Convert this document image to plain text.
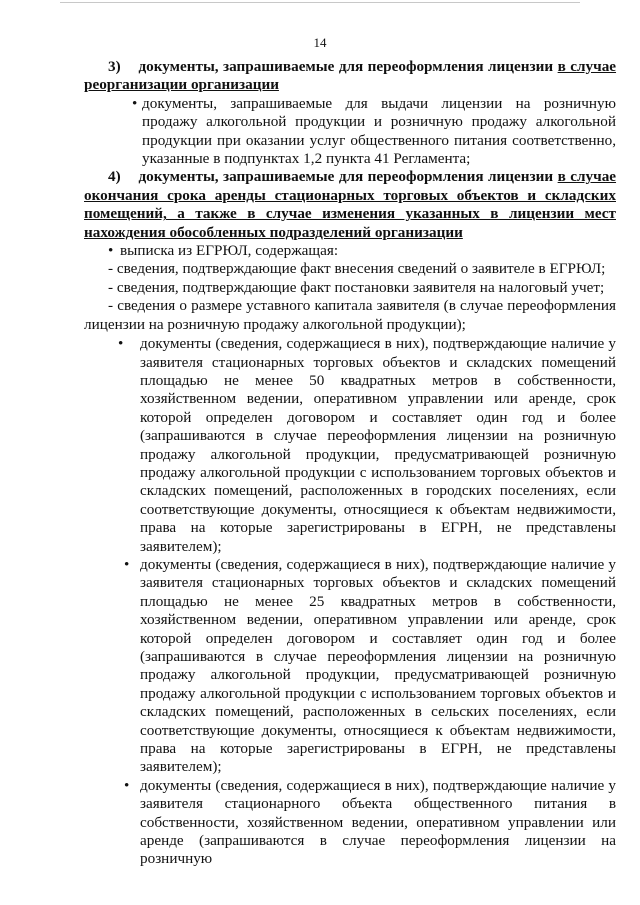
14

3) документы, запрашиваемые для переоформления лицензии в случае реорганизации организации

• документы, запрашиваемые для выдачи лицензии на розничную продажу алкогольной продукции и розничную продажу алкогольной продукции при оказании услуг общественного питания соответственно, указанные в подпунктах 1,2 пункта 41 Регламента;

4) документы, запрашиваемые для переоформления лицензии в случае окончания срока аренды стационарных торговых объектов и складских помещений, а также в случае изменения указанных в лицензии мест нахождения обособленных подразделений организации

• выписка из ЕГРЮЛ, содержащая:

- сведения, подтверждающие факт внесения сведений о заявителе в ЕГРЮЛ;

- сведения, подтверждающие факт постановки заявителя на налоговый учет;

- сведения о размере уставного капитала заявителя (в случае переоформления лицензии на розничную продажу алкогольной продукции);

• документы (сведения, содержащиеся в них), подтверждающие наличие у заявителя стационарных торговых объектов и складских помещений площадью не менее 50 квадратных метров в собственности, хозяйственном ведении, оперативном управлении или аренде, срок которой определен договором и составляет один год и более (запрашиваются в случае переоформления лицензии на розничную продажу алкогольной продукции, предусматривающей розничную продажу алкогольной продукции с использованием торговых объектов и складских помещений, расположенных в городских поселениях, если соответствующие документы, относящиеся к объектам недвижимости, права на которые зарегистрированы в ЕГРН, не представлены заявителем);

• документы (сведения, содержащиеся в них), подтверждающие наличие у заявителя стационарных торговых объектов и складских помещений площадью не менее 25 квадратных метров в собственности, хозяйственном ведении, оперативном управлении или аренде, срок которой определен договором и составляет один год и более (запрашиваются в случае переоформления лицензии на розничную продажу алкогольной продукции, предусматривающей розничную продажу алкогольной продукции с использованием торговых объектов и складских помещений, расположенных в сельских поселениях, если соответствующие документы, относящиеся к объектам недвижимости, права на которые зарегистрированы в ЕГРН, не представлены заявителем);

• документы (сведения, содержащиеся в них), подтверждающие наличие у заявителя стационарного объекта общественного питания в собственности, хозяйственном ведении, оперативном управлении или аренде (запрашиваются в случае переоформления лицензии на розничную
